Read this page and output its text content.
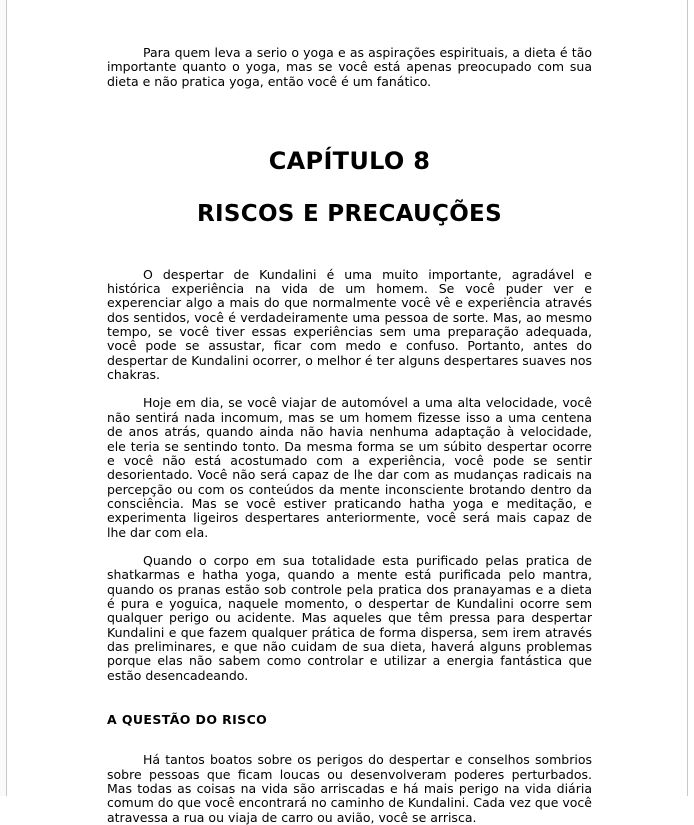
Para quem leva a serio o yoga e as aspirações espirituais, a dieta é tão importante quanto o yoga, mas se você está apenas preocupado com sua dieta e não pratica yoga, então você é um fanático.

CAPÍTULO 8
RISCOS E PRECAUÇÕES

O despertar de Kundalini é uma muito importante, agradável e histórica experiência na vida de um homem. Se você puder ver e experenciar algo a mais do que normalmente você vê e experiência através dos sentidos, você é verdadeiramente uma pessoa de sorte. Mas, ao mesmo tempo, se você tiver essas experiências sem uma preparação adequada, você pode se assustar, ficar com medo e confuso. Portanto, antes do despertar de Kundalini ocorrer, o melhor é ter alguns despertares suaves nos chakras.

Hoje em dia, se você viajar de automóvel a uma alta velocidade, você não sentirá nada incomum, mas se um homem fizesse isso a uma centena de anos atrás, quando ainda não havia nenhuma adaptação à velocidade, ele teria se sentindo tonto. Da mesma forma se um súbito despertar ocorre e você não está acostumado com a experiência, você pode se sentir desorientado. Você não será capaz de lhe dar com as mudanças radicais na percepção ou com os conteúdos da mente inconsciente brotando dentro da consciência. Mas se você estiver praticando hatha yoga e meditação, e experimenta ligeiros despertares anteriormente, você será mais capaz de lhe dar com ela.

Quando o corpo em sua totalidade esta purificado pelas pratica de shatkarmas e hatha yoga, quando a mente está purificada pelo mantra, quando os pranas estão sob controle pela pratica dos pranayamas e a dieta é pura e yoguica, naquele momento, o despertar de Kundalini ocorre sem qualquer perigo ou acidente. Mas aqueles que têm pressa para despertar Kundalini e que fazem qualquer prática de forma dispersa, sem irem através das preliminares, e que não cuidam de sua dieta, haverá alguns problemas porque elas não sabem como controlar e utilizar a energia fantástica que estão desencadeando.

A QUESTÃO DO RISCO

Há tantos boatos sobre os perigos do despertar e conselhos sombrios sobre pessoas que ficam loucas ou desenvolveram poderes perturbados. Mas todas as coisas na vida são arriscadas e há mais perigo na vida diária comum do que você encontrará no caminho de Kundalini. Cada vez que você atravessa a rua ou viaja de carro ou avião, você se arrisca.
